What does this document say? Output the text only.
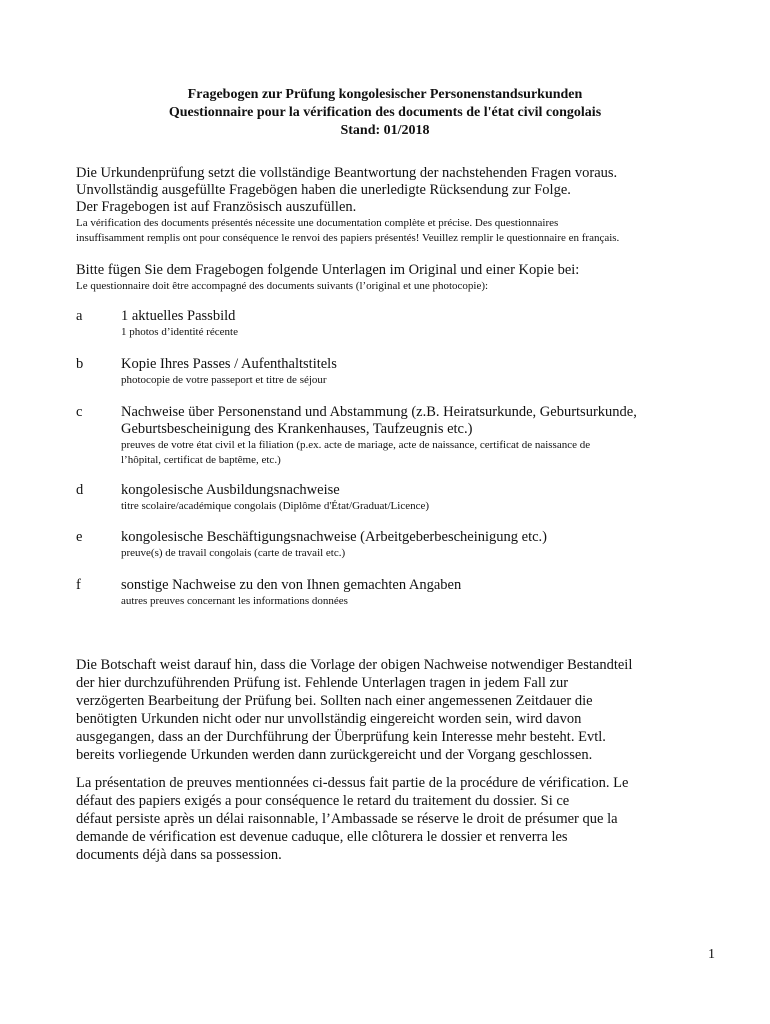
Fragebogen zur Prüfung kongolesischer Personenstandsurkunden
Questionnaire pour la vérification des documents de l'état civil congolais
Stand: 01/2018
Die Urkundenprüfung setzt die vollständige Beantwortung der nachstehenden Fragen voraus.
Unvollständig ausgefüllte Fragebögen haben die unerledigte Rücksendung zur Folge.
Der Fragebogen ist auf Französisch auszufüllen.
La vérification des documents présentés nécessite une documentation complète et précise. Des questionnaires
insuffisamment remplis ont pour conséquence le renvoi des papiers présentés! Veuillez remplir le questionnaire en français.
Bitte fügen Sie dem Fragebogen folgende Unterlagen im Original und einer Kopie bei:
Le questionnaire doit être accompagné des documents suivants (l’original et une photocopie):
a	1 aktuelles Passbild
1 photos d’identité récente
b	Kopie Ihres Passes / Aufenthaltstitels
photocopie de votre passeport et titre de séjour
c	Nachweise über Personenstand und Abstammung (z.B. Heiratsurkunde, Geburtsurkunde,
Geburtsbescheinigung des Krankenhauses, Taufzeugnis etc.)
preuves de votre état civil et la filiation (p.ex. acte de mariage, acte de naissance, certificat de naissance de
l’hôpital, certificat de baptême, etc.)
d	kongolesische Ausbildungsnachweise
titre scolaire/académique congolais (Diplôme d'État/Graduat/Licence)
e	kongolesische Beschäftigungsnachweise (Arbeitgeberbescheinigung etc.)
preuve(s) de travail congolais (carte de travail etc.)
f	sonstige Nachweise zu den von Ihnen gemachten Angaben
autres preuves concernant les informations données
Die Botschaft weist darauf hin, dass die Vorlage der obigen Nachweise notwendiger Bestandteil
der hier durchzuführenden Prüfung ist. Fehlende Unterlagen tragen in jedem Fall zur
verzögerten Bearbeitung der Prüfung bei. Sollten nach einer angemessenen Zeitdauer die
benötigten Urkunden nicht oder nur unvollständig eingereicht worden sein, wird davon
ausgegangen, dass an der Durchführung der Überprüfung kein Interesse mehr besteht. Evtl.
bereits vorliegende Urkunden werden dann zurückgereicht und der Vorgang geschlossen.
La présentation de preuves mentionnées ci-dessus fait partie de la procédure de vérification. Le
défaut des papiers exigés a pour conséquence le retard du traitement du dossier. Si ce
défaut persiste après un délai raisonnable, l’Ambassade se réserve le droit de présumer que la
demande de vérification est devenue caduque, elle clôturera le dossier et renverra les
documents déjà dans sa possession.
1
